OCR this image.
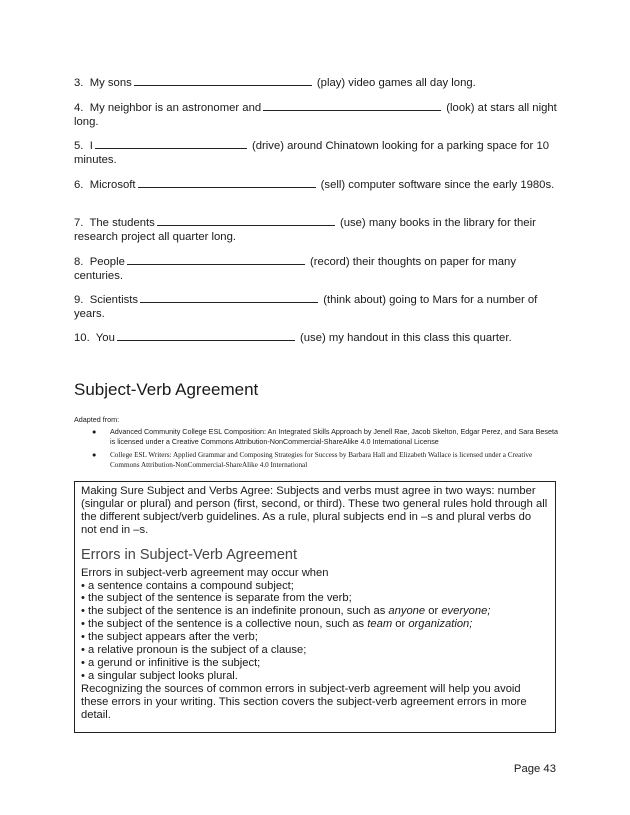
3. My sons	(play) video games all day long.
4. My neighbor is an astronomer and	(look) at stars all night long.
5. I	(drive) around Chinatown looking for a parking space for 10 minutes.
6. Microsoft	(sell) computer software since the early 1980s.
7. The students	(use) many books in the library for their research project all quarter long.
8. People	(record) their thoughts on paper for many centuries.
9. Scientists	(think about) going to Mars for a number of years.
10. You	(use) my handout in this class this quarter.
Subject-Verb Agreement
Adapted from:
● Advanced Community College ESL Composition: An Integrated Skills Approach by Jenell Rae, Jacob Skelton, Edgar Perez, and Sara Beseta is licensed under a Creative Commons Attribution-NonCommercial-ShareAlike 4.0 International License
● College ESL Writers: Applied Grammar and Composing Strategies for Success by Barbara Hall and Elizabeth Wallace is licensed under a Creative Commons Attribution-NonCommercial-ShareAlike 4.0 International

Making Sure Subject and Verbs Agree: Subjects and verbs must agree in two ways: number (singular or plural) and person (first, second, or third). These two general rules hold through all the different subject/verb guidelines. As a rule, plural subjects end in –s and plural verbs do not end in –s.

Errors in Subject-Verb Agreement

Errors in subject-verb agreement may occur when

• a sentence contains a compound subject;
• the subject of the sentence is separate from the verb;
• the subject of the sentence is an indefinite pronoun, such as anyone or everyone;
• the subject of the sentence is a collective noun, such as team or organization;
• the subject appears after the verb;
• a relative pronoun is the subject of a clause;
• a gerund or infinitive is the subject;
• a singular subject looks plural.

Recognizing the sources of common errors in subject-verb agreement will help you avoid these errors in your writing. This section covers the subject-verb agreement errors in more detail.

Page 43
